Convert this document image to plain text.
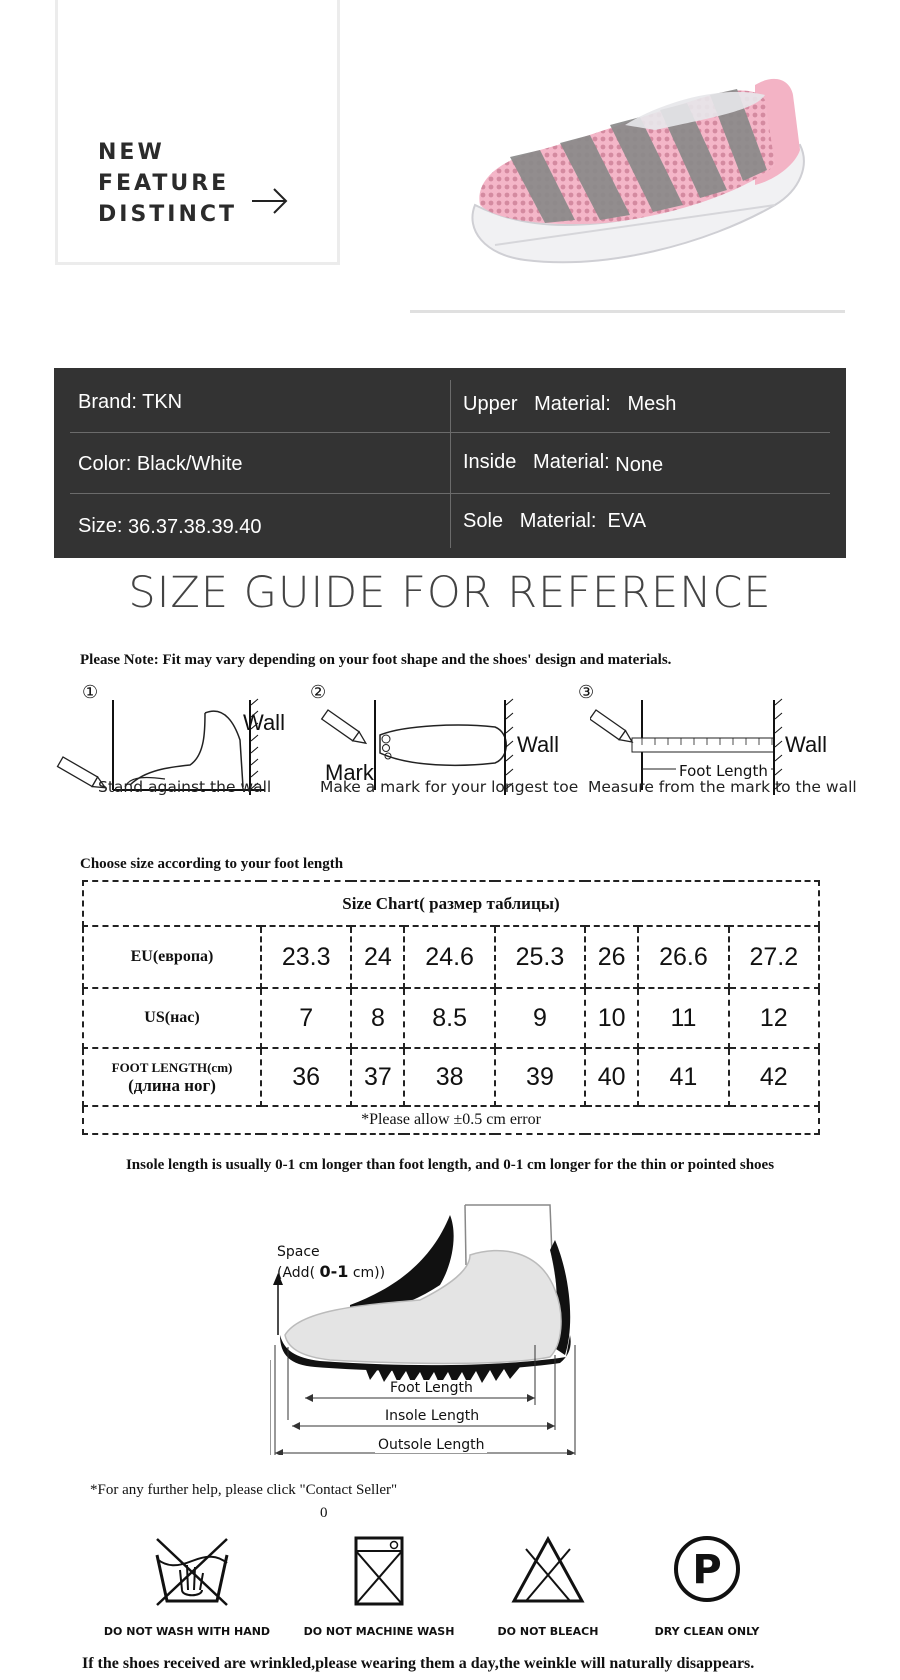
NEW
FEATURE
DISTINCT
Brand: TKN	Upper   Material:   Mesh
Color: Black/White	Inside   Material: None
Size: 36.37.38.39.40	Sole   Material:  EVA
SIZE GUIDE FOR REFERENCE
Please Note: Fit may vary depending on your foot shape and the shoes' design and materials.
①
Wall
Stand against the wall
②
Mark
Wall
Make a mark for your longest toe
③
Foot Length
Wall
Measure from the mark to the wall
Choose size according to your foot length
Size Chart( размер таблицы)							
EU(европа)	23.3	24	24.6	25.3	26	26.6	27.2
US(нас)	7	8	8.5	9	10	11	12

FOOT LENGTH(cm)
(длина ног)	36	37	38	39	40	41	42
*Please allow ±0.5 cm error							
Insole length is usually 0-1 cm longer than foot length, and 0-1 cm longer for the thin or pointed shoes
Space
(Add( 0-1 cm))
Foot Length
Insole Length
Outsole Length
*For any further help, please click "Contact Seller"
0
DO NOT WASH WITH HAND	DO NOT MACHINE WASH	DO NOT BLEACH
P
DRY CLEAN ONLY
If the shoes received are wrinkled,please wearing them a day,the weinkle will naturally disappears.
